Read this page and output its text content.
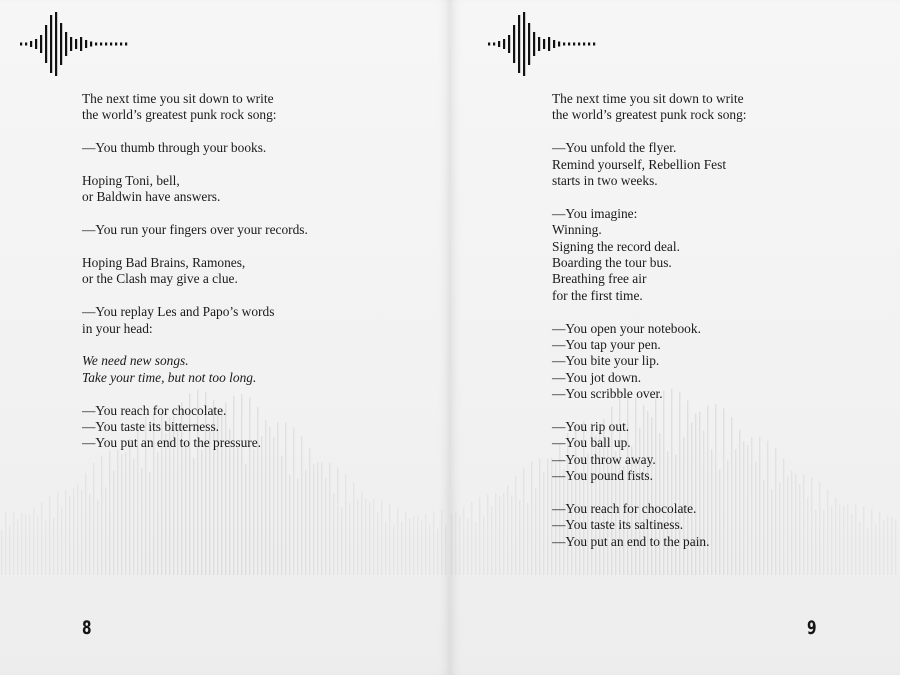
The next time you sit down to write
the world’s greatest punk rock song:
—You thumb through your books.
Hoping Toni, bell,
or Baldwin have answers.
—You run your fingers over your records.
Hoping Bad Brains, Ramones,
or the Clash may give a clue.
—You replay Les and Papo’s words
in your head:
We need new songs.
Take your time, but not too long.
—You reach for chocolate.
—You taste its bitterness.
—You put an end to the pressure.
8
The next time you sit down to write
the world’s greatest punk rock song:
—You unfold the flyer.
Remind yourself, Rebellion Fest
starts in two weeks.
—You imagine:
Winning.
Signing the record deal.
Boarding the tour bus.
Breathing free air
for the first time.
—You open your notebook.
—You tap your pen.
—You bite your lip.
—You jot down.
—You scribble over.
—You rip out.
—You ball up.
—You throw away.
—You pound fists.
—You reach for chocolate.
—You taste its saltiness.
—You put an end to the pain.
9
